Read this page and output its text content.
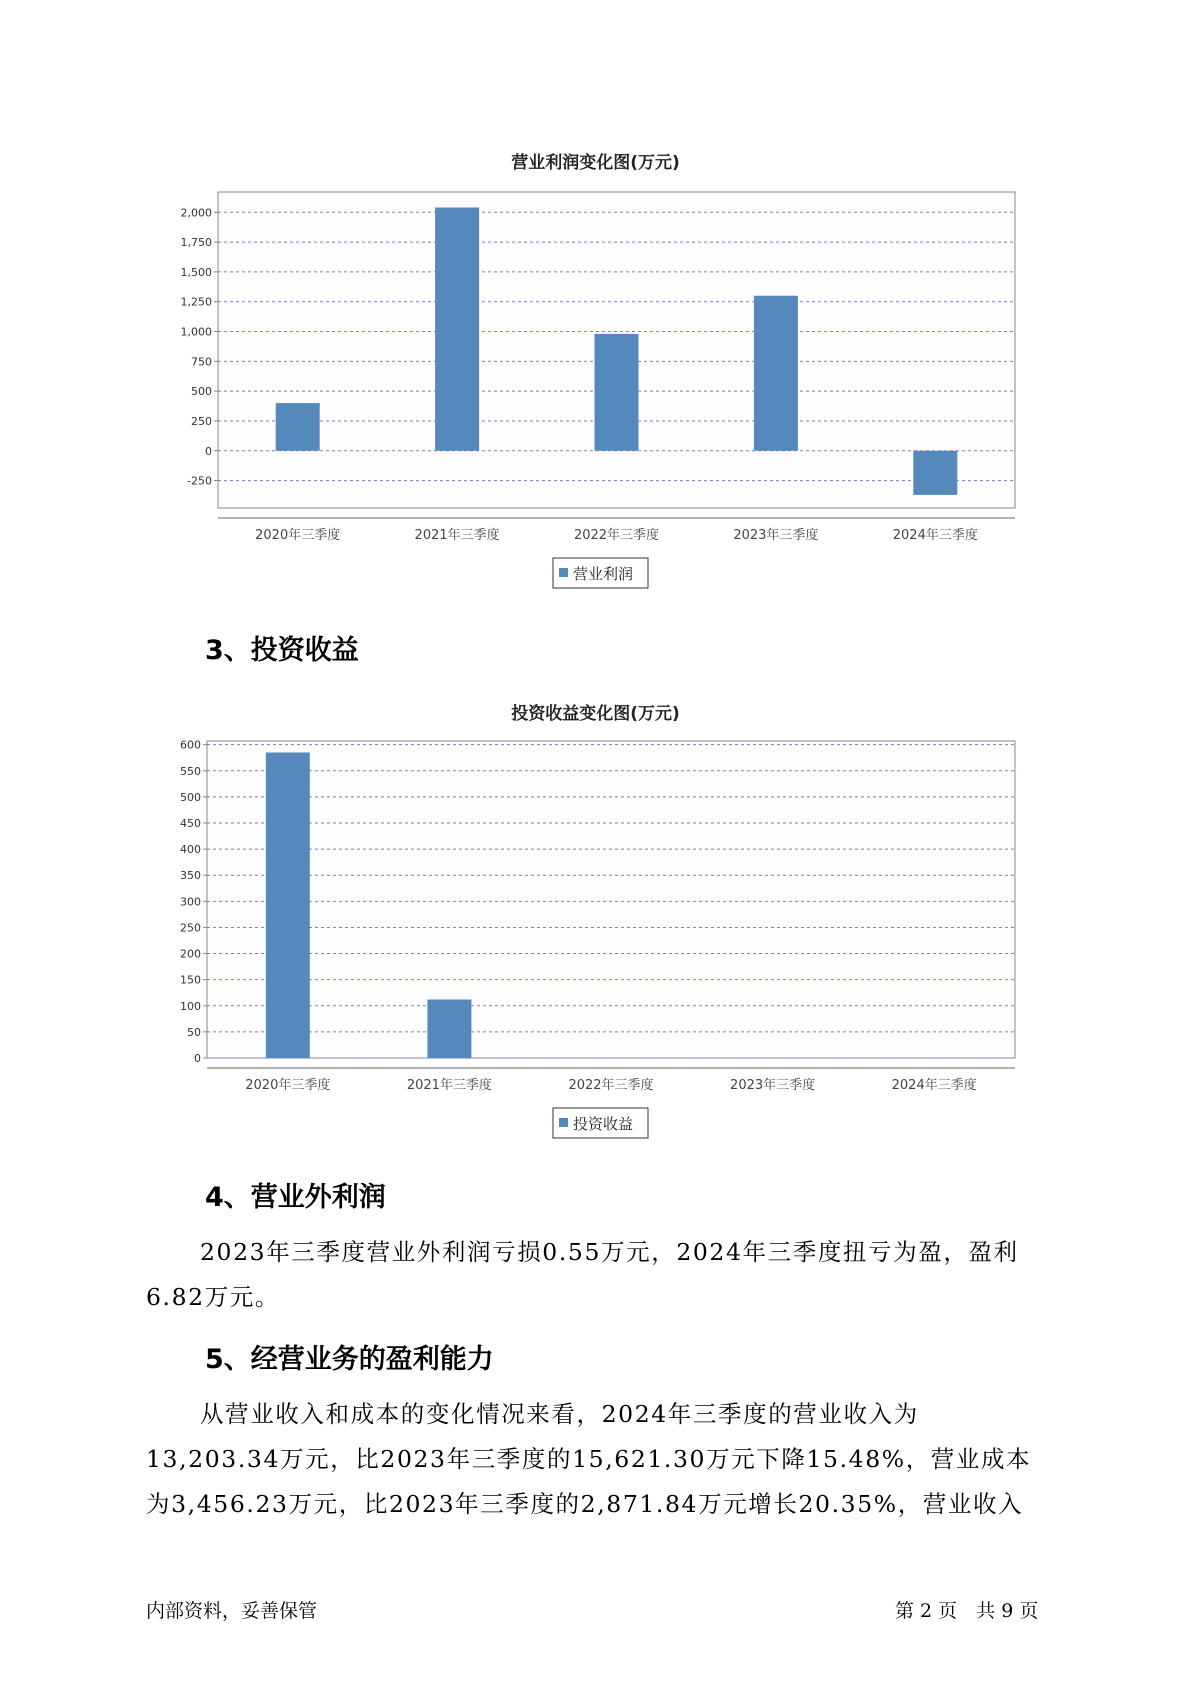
营业利润变化图(万元)
-250
0
250
500
750
1,000
1,250
1,500
1,750
2,000
2020年三季度	2021年三季度	2022年三季度	2023年三季度	2024年三季度
营业利润
3、投资收益
投资收益变化图(万元)
0
50
100
150
200
250
300
350
400
450
500
550
600
2020年三季度	2021年三季度	2022年三季度	2023年三季度	2024年三季度
投资收益
4、营业外利润

2023年三季度营业外利润亏损0.55万元，2024年三季度扭亏为盈，盈利6.82万元。

5、经营业务的盈利能力

从营业收入和成本的变化情况来看，2024年三季度的营业收入为13,203.34万元，比2023年三季度的15,621.30万元下降15.48%，营业成本为3,456.23万元，比2023年三季度的2,871.84万元增长20.35%，营业收入

内部资料，妥善保管	第 2 页　共 9 页
